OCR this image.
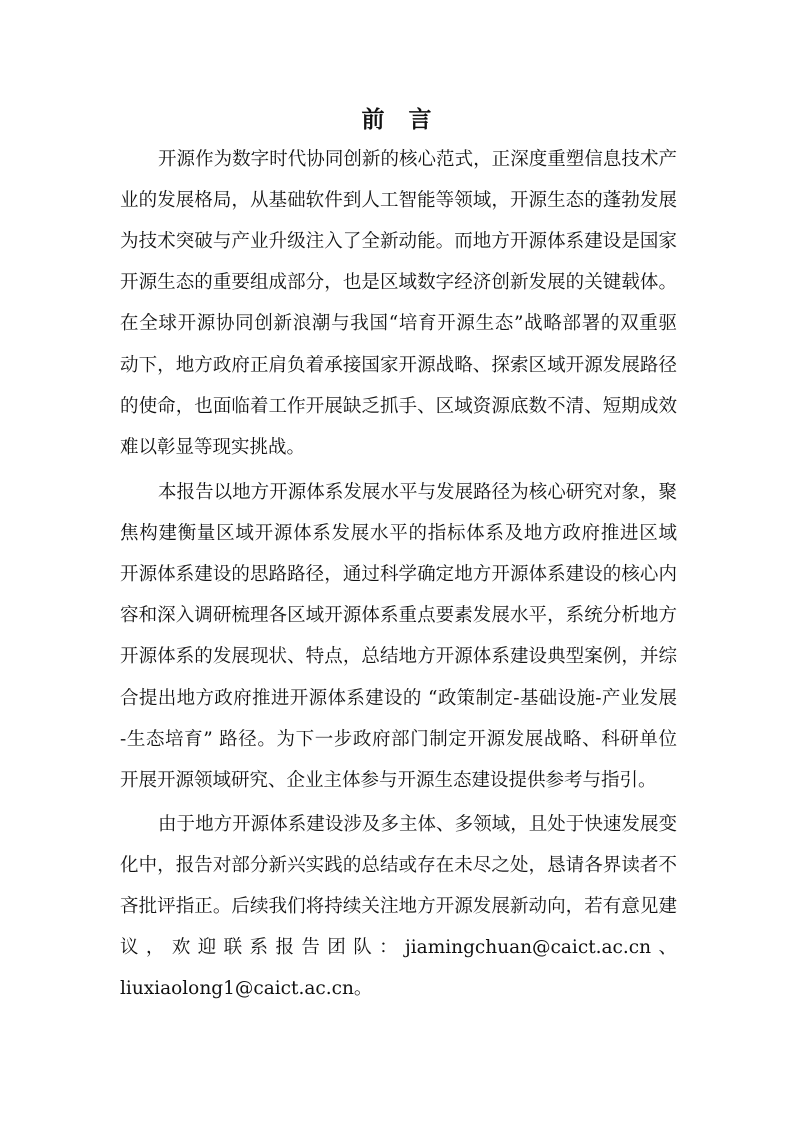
前言
开源作为数字时代协同创新的核心范式，正深度重塑信息技术产
业的发展格局，从基础软件到人工智能等领域，开源生态的蓬勃发展
为技术突破与产业升级注入了全新动能。而地方开源体系建设是国家
开源生态的重要组成部分，也是区域数字经济创新发展的关键载体。
在全球开源协同创新浪潮与我国“培育开源生态”战略部署的双重驱
动下，地方政府正肩负着承接国家开源战略、探索区域开源发展路径
的使命，也面临着工作开展缺乏抓手、区域资源底数不清、短期成效
难以彰显等现实挑战。
本报告以地方开源体系发展水平与发展路径为核心研究对象，聚
焦构建衡量区域开源体系发展水平的指标体系及地方政府推进区域
开源体系建设的思路路径，通过科学确定地方开源体系建设的核心内
容和深入调研梳理各区域开源体系重点要素发展水平，系统分析地方
开源体系的发展现状、特点，总结地方开源体系建设典型案例，并综
合提出地方政府推进开源体系建设的 “政策制定-基础设施-产业发展
-生态培育” 路径。为下一步政府部门制定开源发展战略、科研单位
开展开源领域研究、企业主体参与开源生态建设提供参考与指引。
由于地方开源体系建设涉及多主体、多领域，且处于快速发展变
化中，报告对部分新兴实践的总结或存在未尽之处，恳请各界读者不
吝批评指正。后续我们将持续关注地方开源发展新动向，若有意见建
议，欢迎联系报告团队：jiamingchuan@caict.ac.cn、
liuxiaolong1@caict.ac.cn。
